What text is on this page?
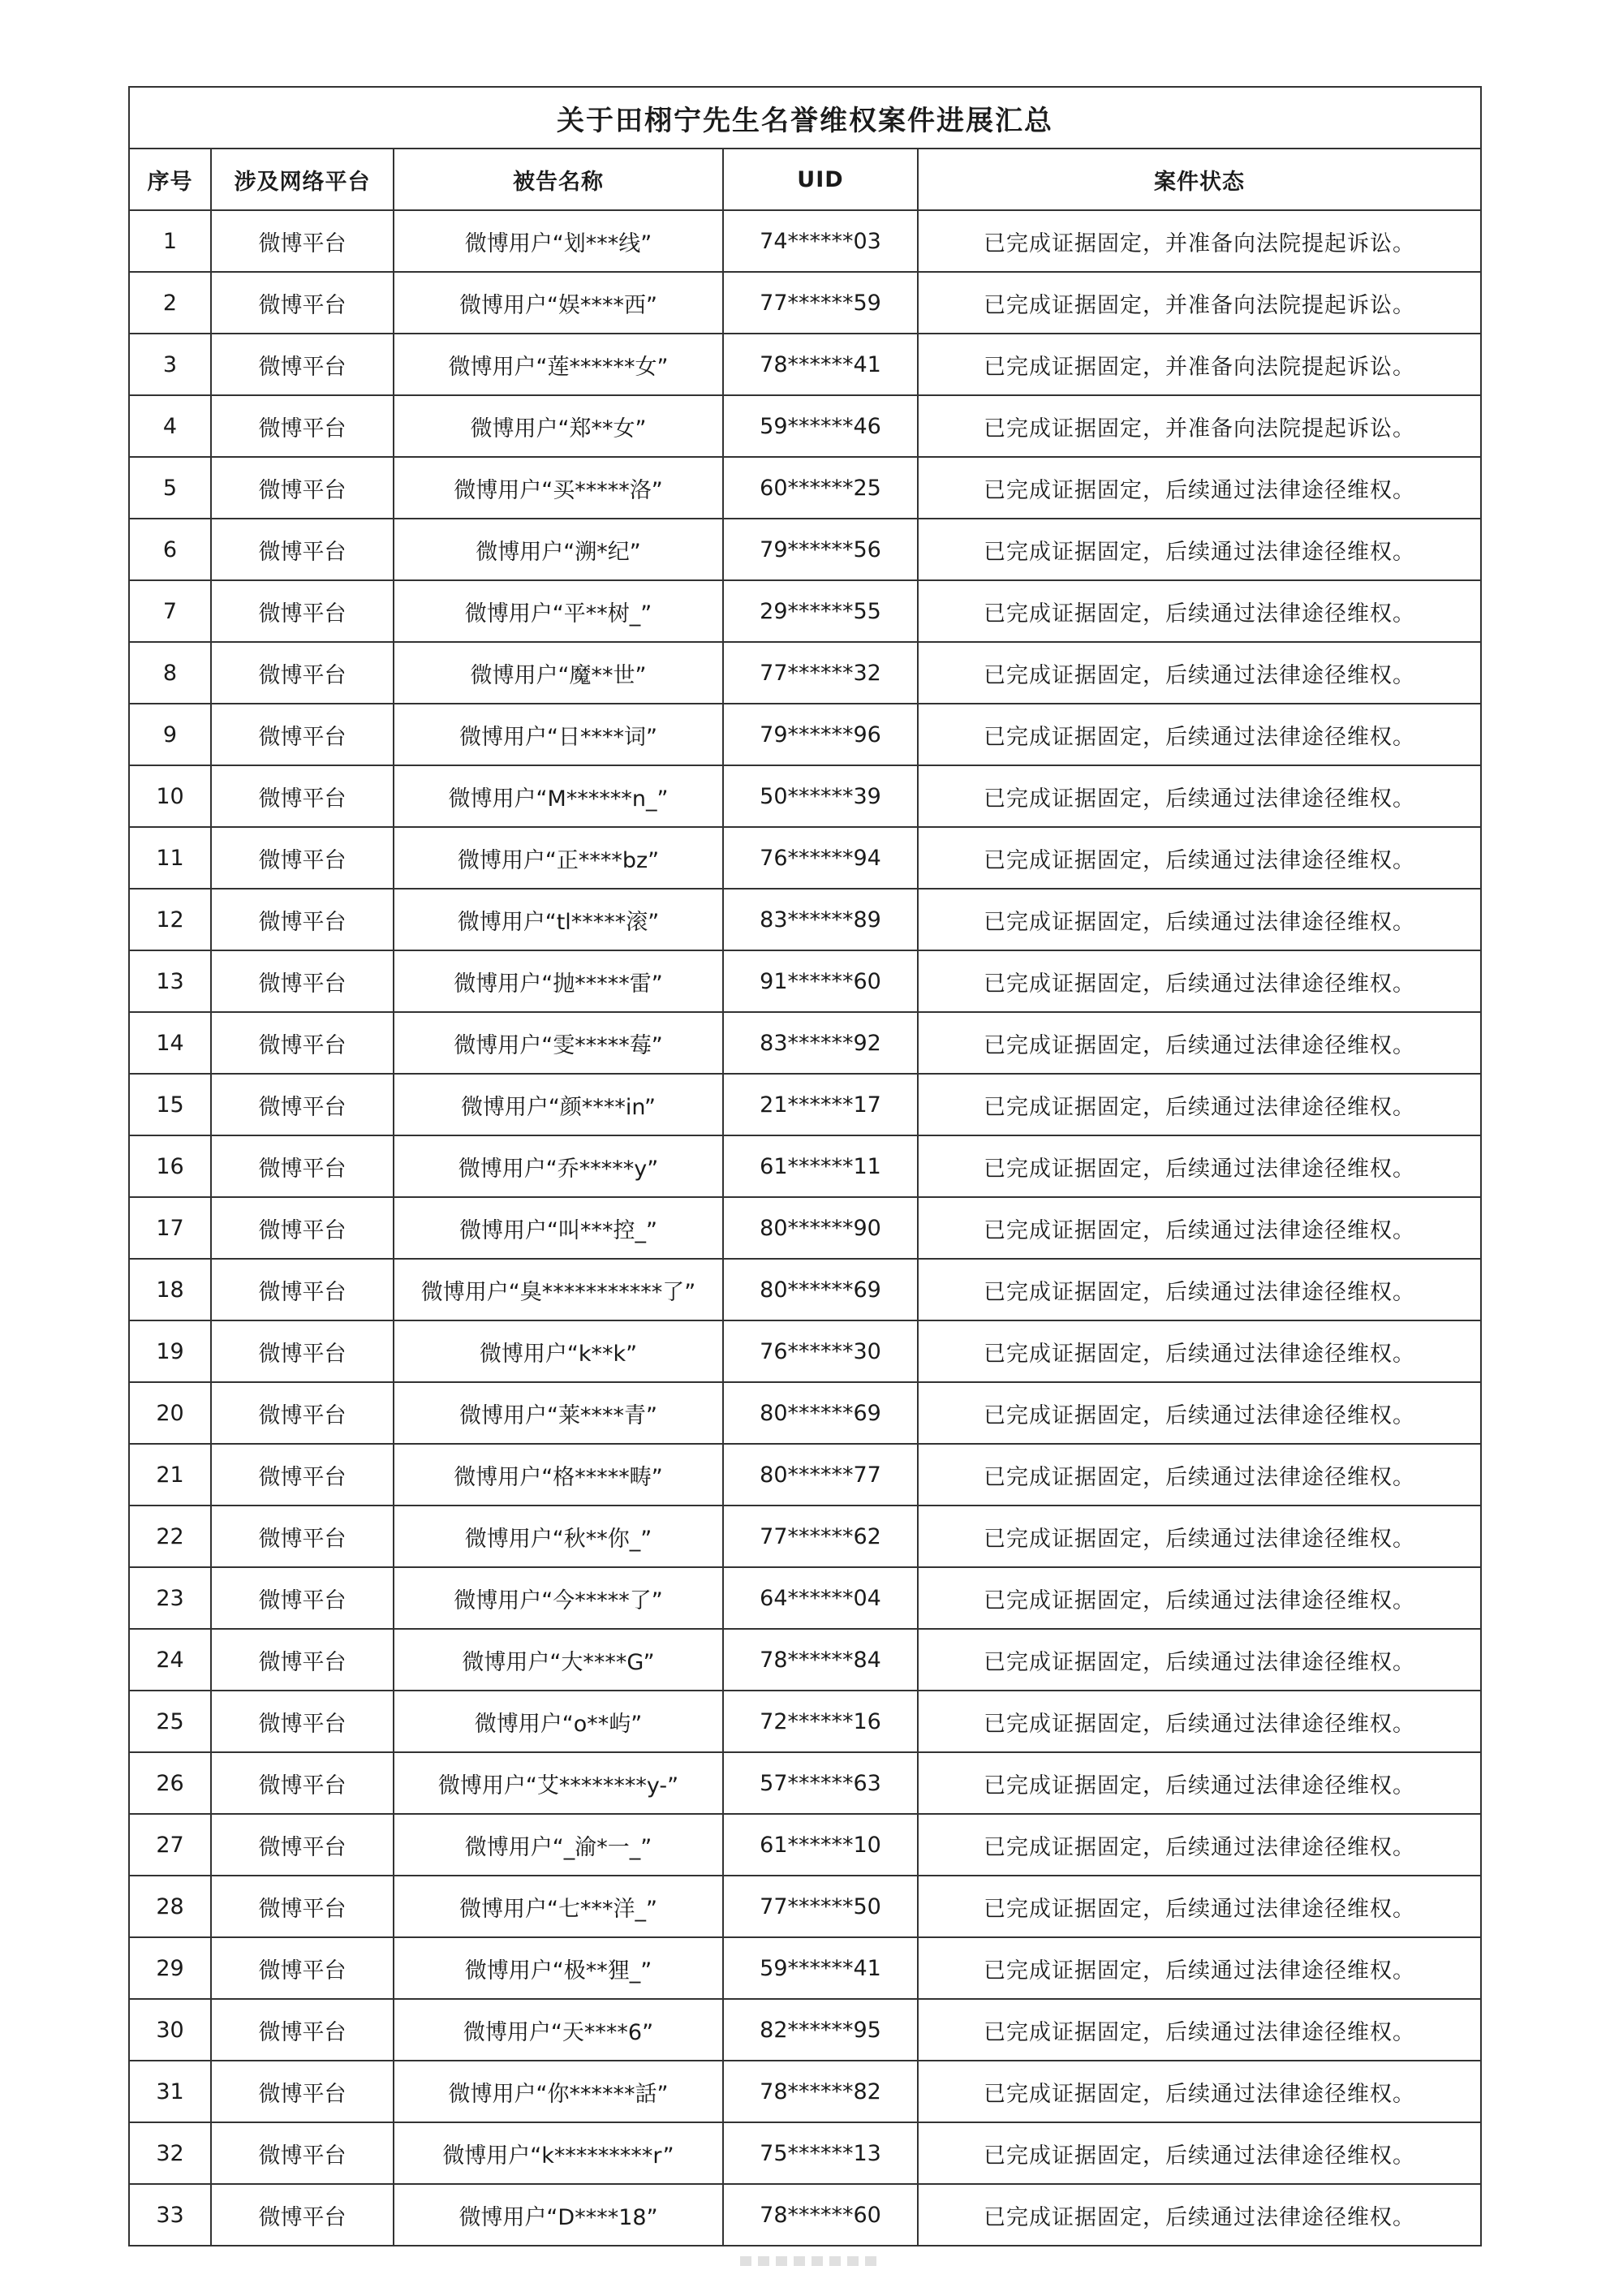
关于田栩宁先生名誉维权案件进展汇总				
序号	涉及网络平台	被告名称	UID	案件状态
1	微博平台	微博用户“划***线”	74******03	已完成证据固定，并准备向法院提起诉讼。
2	微博平台	微博用户“娱****西”	77******59	已完成证据固定，并准备向法院提起诉讼。
3	微博平台	微博用户“莲******女”	78******41	已完成证据固定，并准备向法院提起诉讼。
4	微博平台	微博用户“郑**女”	59******46	已完成证据固定，并准备向法院提起诉讼。
5	微博平台	微博用户“买*****洛”	60******25	已完成证据固定，后续通过法律途径维权。
6	微博平台	微博用户“溯*纪”	79******56	已完成证据固定，后续通过法律途径维权。
7	微博平台	微博用户“平**树_”	29******55	已完成证据固定，后续通过法律途径维权。
8	微博平台	微博用户“魔**世”	77******32	已完成证据固定，后续通过法律途径维权。
9	微博平台	微博用户“日****词”	79******96	已完成证据固定，后续通过法律途径维权。
10	微博平台	微博用户“M******n_”	50******39	已完成证据固定，后续通过法律途径维权。
11	微博平台	微博用户“正****bz”	76******94	已完成证据固定，后续通过法律途径维权。
12	微博平台	微博用户“tl*****滚”	83******89	已完成证据固定，后续通过法律途径维权。
13	微博平台	微博用户“抛*****雷”	91******60	已完成证据固定，后续通过法律途径维权。
14	微博平台	微博用户“雯*****莓”	83******92	已完成证据固定，后续通过法律途径维权。
15	微博平台	微博用户“颜****in”	21******17	已完成证据固定，后续通过法律途径维权。
16	微博平台	微博用户“乔*****y”	61******11	已完成证据固定，后续通过法律途径维权。
17	微博平台	微博用户“叫***控_”	80******90	已完成证据固定，后续通过法律途径维权。
18	微博平台	微博用户“臭***********了”	80******69	已完成证据固定，后续通过法律途径维权。
19	微博平台	微博用户“k**k”	76******30	已完成证据固定，后续通过法律途径维权。
20	微博平台	微博用户“莱****青”	80******69	已完成证据固定，后续通过法律途径维权。
21	微博平台	微博用户“格*****畴”	80******77	已完成证据固定，后续通过法律途径维权。
22	微博平台	微博用户“秋**你_”	77******62	已完成证据固定，后续通过法律途径维权。
23	微博平台	微博用户“今*****了”	64******04	已完成证据固定，后续通过法律途径维权。
24	微博平台	微博用户“大****G”	78******84	已完成证据固定，后续通过法律途径维权。
25	微博平台	微博用户“o**屿”	72******16	已完成证据固定，后续通过法律途径维权。
26	微博平台	微博用户“艾********y-”	57******63	已完成证据固定，后续通过法律途径维权。
27	微博平台	微博用户“_渝*一_”	61******10	已完成证据固定，后续通过法律途径维权。
28	微博平台	微博用户“七***洋_”	77******50	已完成证据固定，后续通过法律途径维权。
29	微博平台	微博用户“极**狸_”	59******41	已完成证据固定，后续通过法律途径维权。
30	微博平台	微博用户“天****6”	82******95	已完成证据固定，后续通过法律途径维权。
31	微博平台	微博用户“你******話”	78******82	已完成证据固定，后续通过法律途径维权。
32	微博平台	微博用户“k*********r”	75******13	已完成证据固定，后续通过法律途径维权。
33	微博平台	微博用户“D****18”	78******60	已完成证据固定，后续通过法律途径维权。
